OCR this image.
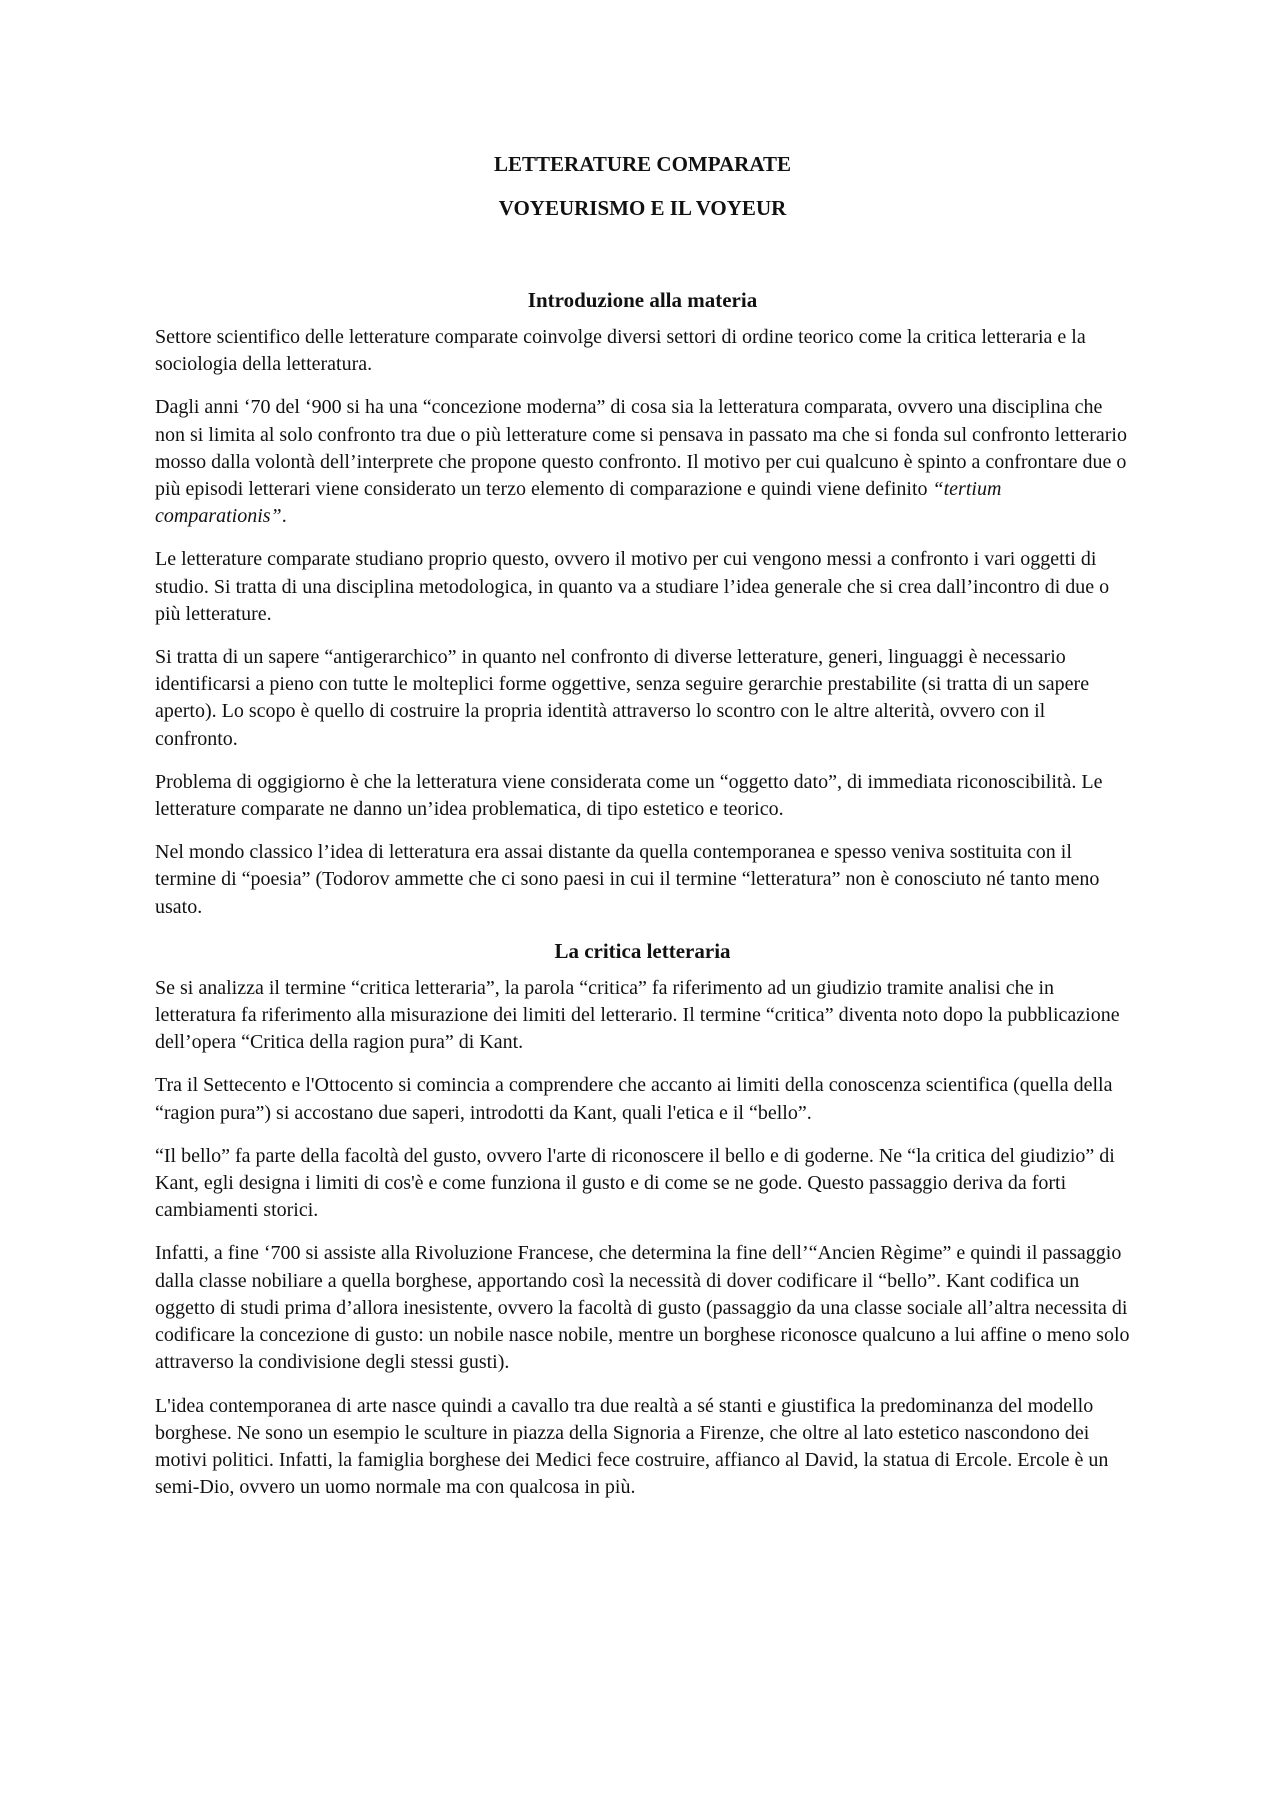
LETTERATURE COMPARATE
VOYEURISMO E IL VOYEUR
Introduzione alla materia

Settore scientifico delle letterature comparate coinvolge diversi settori di ordine teorico come la critica letteraria e la sociologia della letteratura.

Dagli anni ‘70 del ‘900 si ha una “concezione moderna” di cosa sia la letteratura comparata, ovvero una disciplina che non si limita al solo confronto tra due o più letterature come si pensava in passato ma che si fonda sul confronto letterario mosso dalla volontà dell’interprete che propone questo confronto. Il motivo per cui qualcuno è spinto a confrontare due o più episodi letterari viene considerato un terzo elemento di comparazione e quindi viene definito “tertium comparationis”.

Le letterature comparate studiano proprio questo, ovvero il motivo per cui vengono messi a confronto i vari oggetti di studio. Si tratta di una disciplina metodologica, in quanto va a studiare l’idea generale che si crea dall’incontro di due o più letterature.

Si tratta di un sapere “antigerarchico” in quanto nel confronto di diverse letterature, generi, linguaggi è necessario identificarsi a pieno con tutte le molteplici forme oggettive, senza seguire gerarchie prestabilite (si tratta di un sapere aperto). Lo scopo è quello di costruire la propria identità attraverso lo scontro con le altre alterità, ovvero con il confronto.

Problema di oggigiorno è che la letteratura viene considerata come un “oggetto dato”, di immediata riconoscibilità. Le letterature comparate ne danno un’idea problematica, di tipo estetico e teorico.

Nel mondo classico l’idea di letteratura era assai distante da quella contemporanea e spesso veniva sostituita con il termine di “poesia” (Todorov ammette che ci sono paesi in cui il termine “letteratura” non è conosciuto né tanto meno usato.

La critica letteraria

Se si analizza il termine “critica letteraria”, la parola “critica” fa riferimento ad un giudizio tramite analisi che in letteratura fa riferimento alla misurazione dei limiti del letterario. Il termine “critica” diventa noto dopo la pubblicazione dell’opera “Critica della ragion pura” di Kant.

Tra il Settecento e l'Ottocento si comincia a comprendere che accanto ai limiti della conoscenza scientifica (quella della “ragion pura”) si accostano due saperi, introdotti da Kant, quali l'etica e il “bello”.

“Il bello” fa parte della facoltà del gusto, ovvero l'arte di riconoscere il bello e di goderne. Ne “la critica del giudizio” di Kant, egli designa i limiti di cos'è e come funziona il gusto e di come se ne gode. Questo passaggio deriva da forti cambiamenti storici.

Infatti, a fine ‘700 si assiste alla Rivoluzione Francese, che determina la fine dell’“Ancien Règime” e quindi il passaggio dalla classe nobiliare a quella borghese, apportando così la necessità di dover codificare il “bello”. Kant codifica un oggetto di studi prima d’allora inesistente, ovvero la facoltà di gusto (passaggio da una classe sociale all’altra necessita di codificare la concezione di gusto: un nobile nasce nobile, mentre un borghese riconosce qualcuno a lui affine o meno solo attraverso la condivisione degli stessi gusti).

L'idea contemporanea di arte nasce quindi a cavallo tra due realtà a sé stanti e giustifica la predominanza del modello borghese. Ne sono un esempio le sculture in piazza della Signoria a Firenze, che oltre al lato estetico nascondono dei motivi politici. Infatti, la famiglia borghese dei Medici fece costruire, affianco al David, la statua di Ercole. Ercole è un semi-Dio, ovvero un uomo normale ma con qualcosa in più.
